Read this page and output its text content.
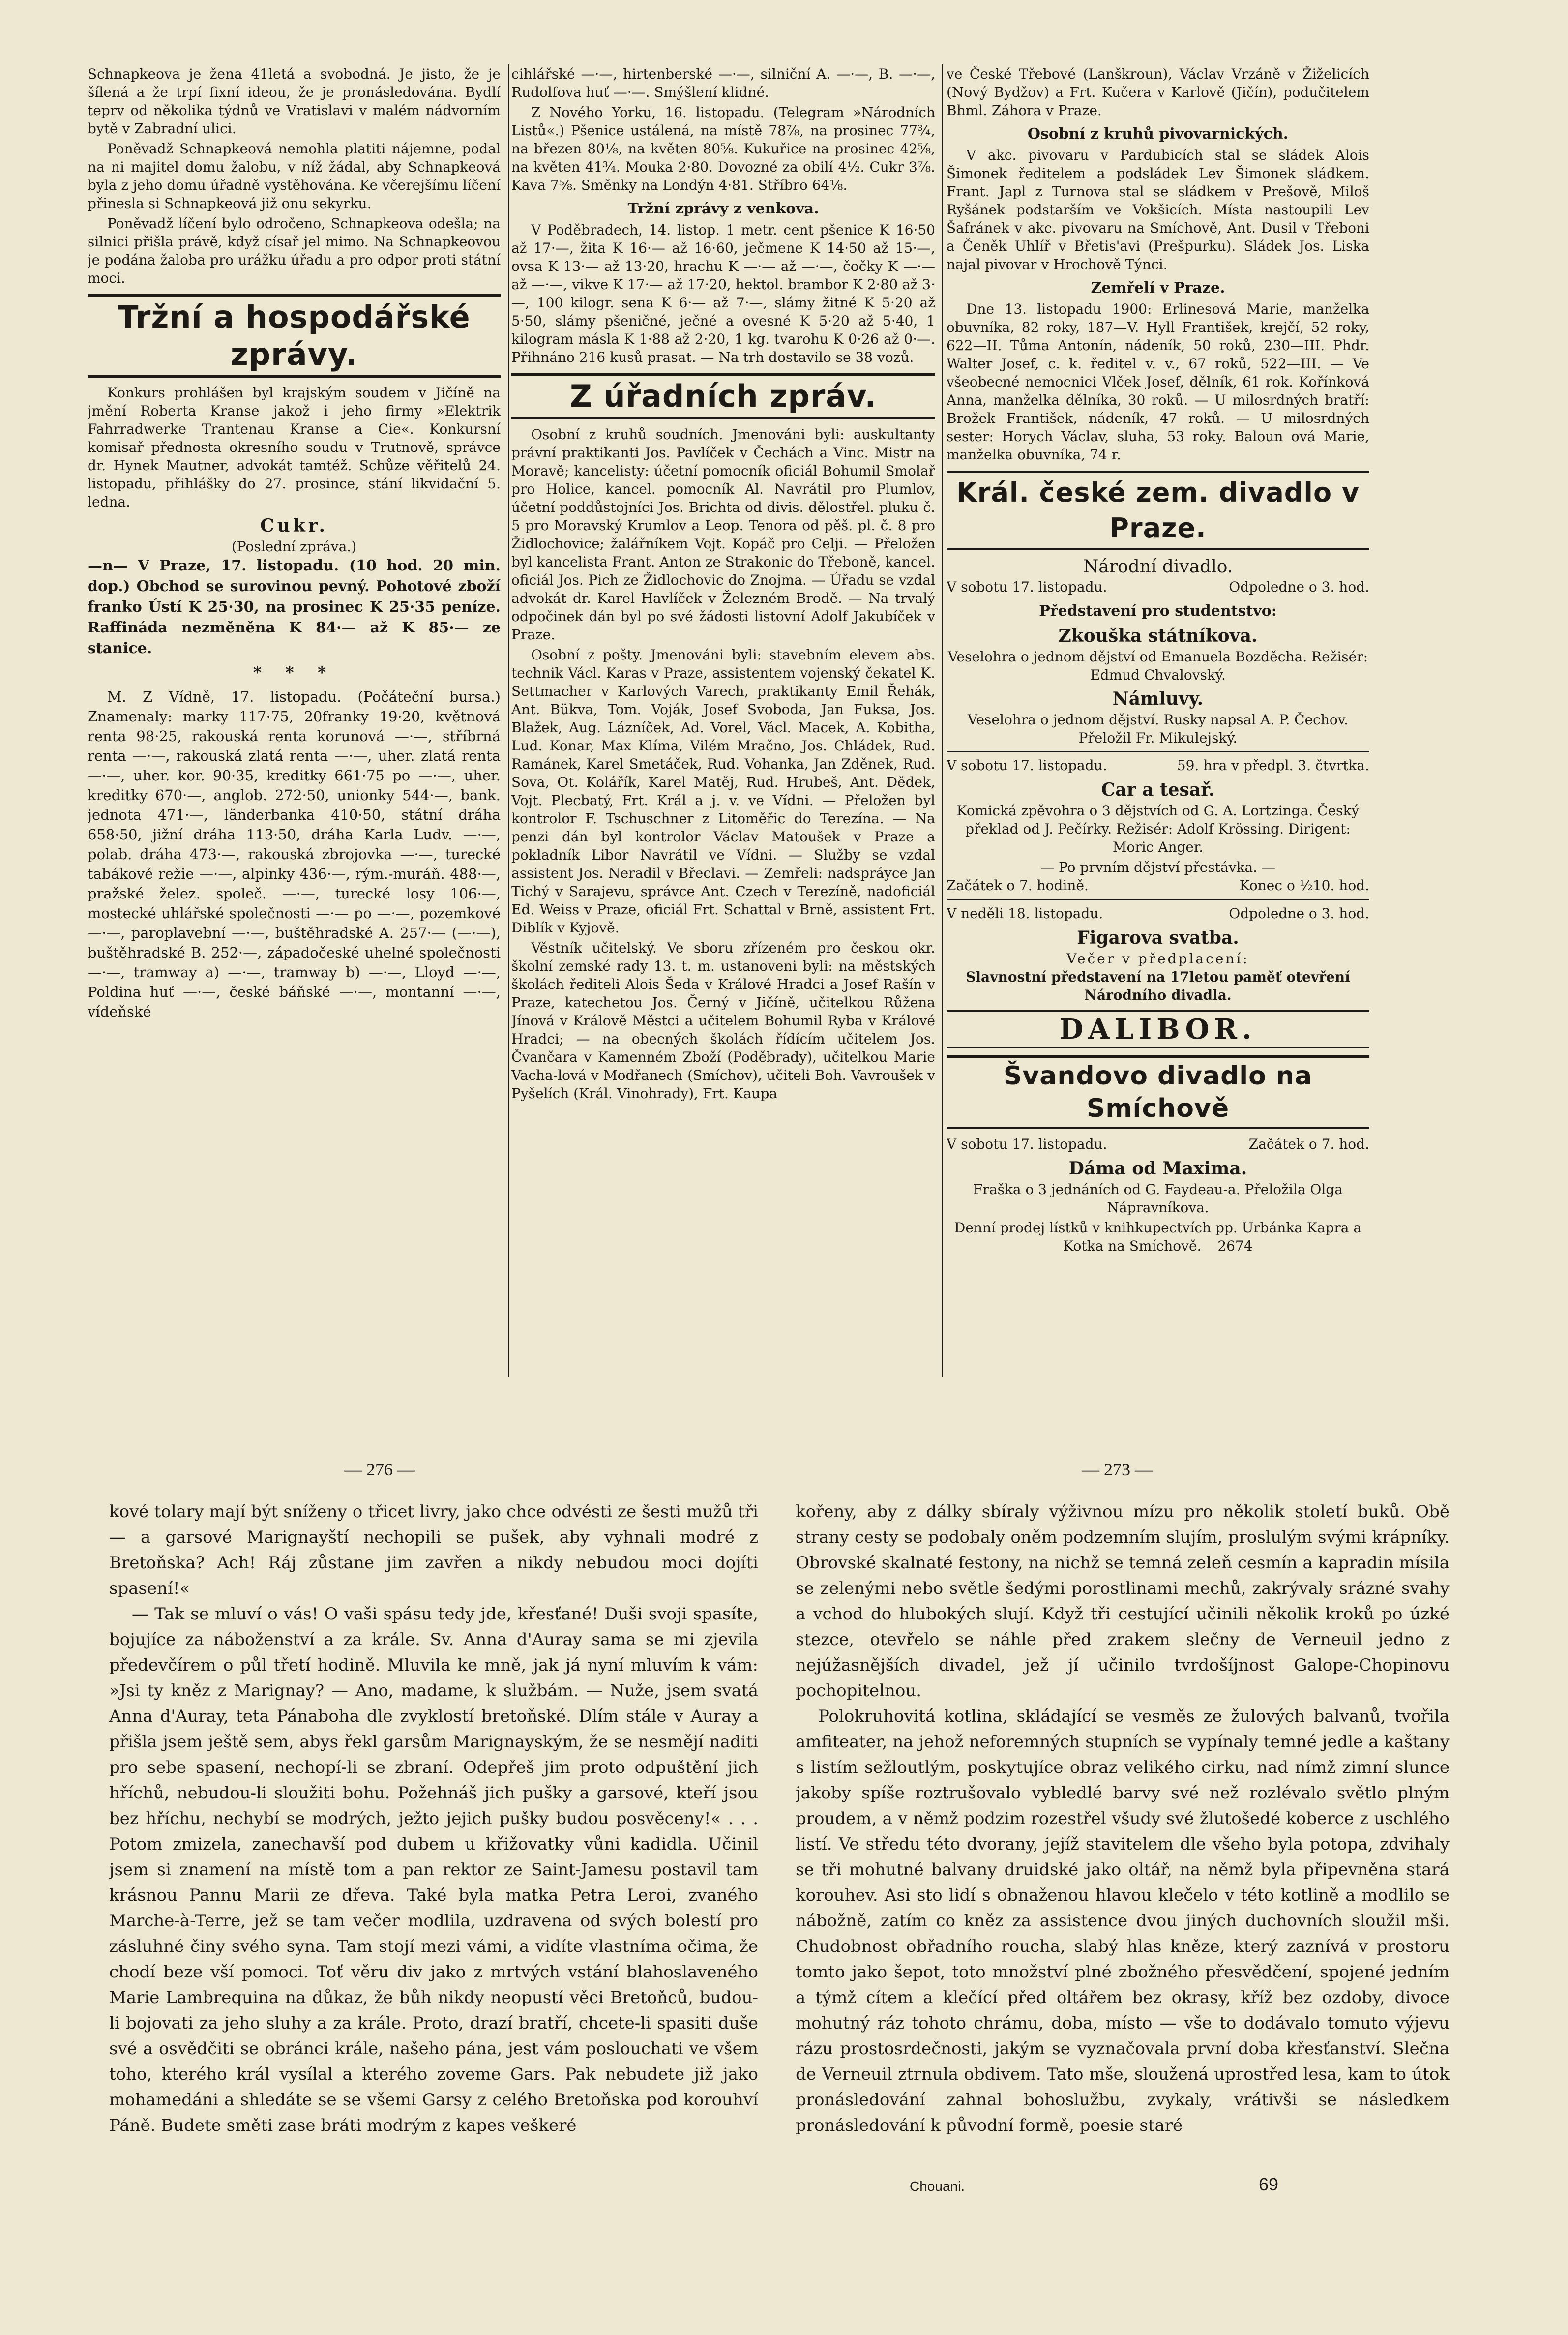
Schnapkeova je žena 41letá a svobodná. Je jisto, že je šílená a že trpí fixní ideou, že je pronásledována. Bydlí teprv od několika týdnů ve Vratislavi v malém nádvorním bytě v Zabradní ulici.

Poněvadž Schnapkeová nemohla platiti nájemne, podal na ni majitel domu žalobu, v níž žádal, aby Schnapkeová byla z jeho domu úřadně vystěhována. Ke včerejšímu líčení přinesla si Schnapkeová již onu sekyrku.

Poněvadž líčení bylo odročeno, Schnapkeova odešla; na silnici přišla právě, když císař jel mimo. Na Schnapkeovou je podána žaloba pro urážku úřadu a pro odpor proti státní moci.

Tržní a hospodářské zprávy.

Konkurs prohlášen byl krajským soudem v Jičíně na jmění Roberta Kranse jakož i jeho firmy »Elektrik Fahrradwerke Trantenau Kranse a Cie«. Konkursní komisař přednosta okresního soudu v Trutnově, správce dr. Hynek Mautner, advokát tamtéž. Schůze věřitelů 24. listopadu, přihlášky do 27. prosince, stání likvidační 5. ledna.

Cukr.
(Poslední zpráva.)

—n— V Praze, 17. listopadu. (10 hod. 20 min. dop.) Obchod se surovinou pevný. Pohotové zboží franko Ústí K 25·30, na prosinec K 25·35 peníze. Raffináda nezměněna K 84·— až K 85·— ze stanice.

* * *

M. Z Vídně, 17. listopadu. (Počáteční bursa.) Znamenaly: marky 117·75, 20franky 19·20, květnová renta 98·25, rakouská renta korunová —·—, stříbrná renta —·—, rakouská zlatá renta —·—, uher. zlatá renta —·—, uher. kor. 90·35, kreditky 661·75 po —·—, uher. kreditky 670·—, anglob. 272·50, unionky 544·—, bank. jednota 471·—, länderbanka 410·50, státní dráha 658·50, jižní dráha 113·50, dráha Karla Ludv. —·—, polab. dráha 473·—, rakouská zbrojovka —·—, turecké tabákové režie —·—, alpinky 436·—, rým.-muráň. 488·—, pražské želez. společ. —·—, turecké losy 106·—, mostecké uhlářské společnosti —·— po —·—, pozemkové —·—, paroplavební —·—, buštěhradské A. 257·— (—·—), buštěhradské B. 252·—, západočeské uhelné společnosti —·—, tramway a) —·—, tramway b) —·—, Lloyd —·—, Poldina huť —·—, české báňské —·—, montanní —·—, vídeňské

cihlářské —·—, hirtenberské —·—, silniční A. —·—, B. —·—, Rudolfova huť —·—. Smýšlení klidné.

Z Nového Yorku, 16. listopadu. (Telegram »Národních Listů«.) Pšenice ustálená, na místě 78⅞, na prosinec 77¾, na březen 80⅛, na květen 80⅝. Kukuřice na prosinec 42⅝, na květen 41¾. Mouka 2·80. Dovozné za obilí 4½. Cukr 3⅞. Kava 7⅝. Směnky na Londýn 4·81. Stříbro 64⅛.

Tržní zprávy z venkova.

V Poděbradech, 14. listop. 1 metr. cent pšenice K 16·50 až 17·—, žita K 16·— až 16·60, ječmene K 14·50 až 15·—, ovsa K 13·— až 13·20, hrachu K —·— až —·—, čočky K —·— až —·—, vikve K 17·— až 17·20, hektol. brambor K 2·80 až 3·—, 100 kilogr. sena K 6·— až 7·—, slámy žitné K 5·20 až 5·50, slámy pšeničné, ječné a ovesné K 5·20 až 5·40, 1 kilogram másla K 1·88 až 2·20, 1 kg. tvarohu K 0·26 až 0·—. Přihnáno 216 kusů prasat. — Na trh dostavilo se 38 vozů.

Z úřadních zpráv.

Osobní z kruhů soudních. Jmenováni byli: auskultanty právní praktikanti Jos. Pavlíček v Čechách a Vinc. Mistr na Moravě; kancelisty: účetní pomocník oficiál Bohumil Smolař pro Holice, kancel. pomocník Al. Navrátil pro Plumlov, účetní poddůstojníci Jos. Brichta od divis. dělostřel. pluku č. 5 pro Moravský Krumlov a Leop. Tenora od pěš. pl. č. 8 pro Židlochovice; žalářníkem Vojt. Kopáč pro Celji. — Přeložen byl kancelista Frant. Anton ze Strakonic do Třeboně, kancel. oficiál Jos. Pich ze Židlochovic do Znojma. — Úřadu se vzdal advokát dr. Karel Havlíček v Železném Brodě. — Na trvalý odpočinek dán byl po své žádosti listovní Adolf Jakubíček v Praze.

Osobní z pošty. Jmenováni byli: stavebním elevem abs. technik Václ. Karas v Praze, assistentem vojenský čekatel K. Settmacher v Karlových Varech, praktikanty Emil Řehák, Ant. Bükva, Tom. Voják, Josef Svoboda, Jan Fuksa, Jos. Blažek, Aug. Lázníček, Ad. Vorel, Václ. Macek, A. Kobitha, Lud. Konar, Max Klíma, Vilém Mračno, Jos. Chládek, Rud. Ramánek, Karel Smetáček, Rud. Vohanka, Jan Zděnek, Rud. Sova, Ot. Kolářík, Karel Matěj, Rud. Hrubeš, Ant. Dědek, Vojt. Plecbatý, Frt. Král a j. v. ve Vídni. — Přeložen byl kontrolor F. Tschuschner z Litoměřic do Terezína. — Na penzi dán byl kontrolor Václav Matoušek v Praze a pokladník Libor Navrátil ve Vídni. — Služby se vzdal assistent Jos. Neradil v Břeclavi. — Zemřeli: nadspráyce Jan Tichý v Sarajevu, správce Ant. Czech v Terezíně, nadoficiál Ed. Weiss v Praze, oficiál Frt. Schattal v Brně, assistent Frt. Diblík v Kyjově.

Věstník učitelský. Ve sboru zřízeném pro českou okr. školní zemské rady 13. t. m. ustanoveni byli: na městských školách řediteli Alois Šeda v Králové Hradci a Josef Rašín v Praze, katechetou Jos. Černý v Jičíně, učitelkou Růžena Jínová v Králově Městci a učitelem Bohumil Ryba v Králové Hradci; — na obecných školách řídícím učitelem Jos. Čvančara v Kamenném Zboží (Poděbrady), učitelkou Marie Vacha-lová v Modřanech (Smíchov), učiteli Boh. Vavroušek v Pyšelích (Král. Vinohrady), Frt. Kaupa

ve České Třebové (Lanškroun), Václav Vrzáně v Žiželicích (Nový Bydžov) a Frt. Kučera v Karlově (Jičín), podučitelem Bhml. Záhora v Praze.

Osobní z kruhů pivovarnických.

V akc. pivovaru v Pardubicích stal se sládek Alois Šimonek ředitelem a podsládek Lev Šimonek sládkem. Frant. Japl z Turnova stal se sládkem v Prešově, Miloš Ryšánek podstarším ve Vokšicích. Místa nastoupili Lev Šafránek v akc. pivovaru na Smíchově, Ant. Dusil v Třeboni a Čeněk Uhlíř v Břetis'avi (Prešpurku). Sládek Jos. Liska najal pivovar v Hrochově Týnci.

Zemřelí v Praze.

Dne 13. listopadu 1900: Erlinesová Marie, manželka obuvníka, 82 roky, 187—V. Hyll František, krejčí, 52 roky, 622—II. Tůma Antonín, nádeník, 50 roků, 230—III. Phdr. Walter Josef, c. k. ředitel v. v., 67 roků, 522—III. — Ve všeobecné nemocnici Vlček Josef, dělník, 61 rok. Kořínková Anna, manželka dělníka, 30 roků. — U milosrdných bratří: Brožek František, nádeník, 47 roků. — U milosrdných sester: Horych Václav, sluha, 53 roky. Baloun ová Marie, manželka obuvníka, 74 r.

Král. české zem. divadlo v Praze.
Národní divadlo.
V sobotu 17. listopadu.	Odpoledne o 3. hod.
Představení pro studentstvo:
Zkouška státníkova.

Veselohra o jednom dějství od Emanuela Bozděcha. Režisér: Edmud Chvalovský.

Námluvy.

Veselohra o jednom dějství. Rusky napsal A. P. Čechov. Přeložil Fr. Mikulejský.

V sobotu 17. listopadu.	59. hra v předpl. 3. čtvrtka.
Car a tesař.

Komická zpěvohra o 3 dějstvích od G. A. Lortzinga. Český překlad od J. Pečírky. Režisér: Adolf Krössing. Dirigent: Moric Anger.

— Po prvním dějství přestávka. —
Začátek o 7. hodině.	Konec o ½10. hod.
V neděli 18. listopadu.	Odpoledne o 3. hod.
Figarova svatba.
Večer v předplacení:

Slavnostní představení na 17letou paměť otevření Národního divadla.

DALIBOR.
Švandovo divadlo na Smíchově
V sobotu 17. listopadu.	Začátek o 7. hod.
Dáma od Maxima.

Fraška o 3 jednáních od G. Faydeau-a. Přeložila Olga Nápravníkova.

Denní prodej lístků v knihkupectvích pp. Urbánka Kapra a Kotka na Smíchově. 2674

— 276 —	— 273 —

kové tolary mají být sníženy o třicet livry, jako chce odvésti ze šesti mužů tři — a garsové Marignayští nechopili se pušek, aby vyhnali modré z Bretoňska? Ach! Ráj zůstane jim zavřen a nikdy nebudou moci dojíti spasení!«

— Tak se mluví o vás! O vaši spásu tedy jde, křesťané! Duši svoji spasíte, bojujíce za náboženství a za krále. Sv. Anna d'Auray sama se mi zjevila předevčírem o půl třetí hodině. Mluvila ke mně, jak já nyní mluvím k vám: »Jsi ty kněz z Marignay? — Ano, madame, k službám. — Nuže, jsem svatá Anna d'Auray, teta Pánaboha dle zvyklostí bretoňské. Dlím stále v Auray a přišla jsem ještě sem, abys řekl garsům Marignayským, že se nesmějí naditi pro sebe spasení, nechopí-li se zbraní. Odepřeš jim proto odpuštění jich hříchů, nebudou-li sloužiti bohu. Požehnáš jich pušky a garsové, kteří jsou bez hříchu, nechybí se modrých, ježto jejich pušky budou posvěceny!« . . . Potom zmizela, zanechavší pod dubem u křižovatky vůni kadidla. Učinil jsem si znamení na místě tom a pan rektor ze Saint-Jamesu postavil tam krásnou Pannu Marii ze dřeva. Také byla matka Petra Leroi, zvaného Marche-à-Terre, jež se tam večer modlila, uzdravena od svých bolestí pro zásluhné činy svého syna. Tam stojí mezi vámi, a vidíte vlastníma očima, že chodí beze vší pomoci. Toť věru div jako z mrtvých vstání blahoslaveného Marie Lambrequina na důkaz, že bůh nikdy neopustí věci Bretoňců, budou-li bojovati za jeho sluhy a za krále. Proto, drazí bratří, chcete-li spasiti duše své a osvědčiti se obránci krále, našeho pána, jest vám poslouchati ve všem toho, kterého král vysílal a kterého zoveme Gars. Pak nebudete již jako mohamedáni a shledáte se se všemi Garsy z celého Bretoňska pod korouhví Páně. Budete směti zase bráti modrým z kapes veškeré

kořeny, aby z dálky sbíraly výživnou mízu pro několik století buků. Obě strany cesty se podobaly oněm podzemním slujím, proslulým svými krápníky. Obrovské skalnaté festony, na nichž se temná zeleň cesmín a kapradin mísila se zelenými nebo světle šedými porostlinami mechů, zakrývaly srázné svahy a vchod do hlubokých slují. Když tři cestující učinili několik kroků po úzké stezce, otevřelo se náhle před zrakem slečny de Verneuil jedno z nejúžasnějších divadel, jež jí učinilo tvrdošíjnost Galope-Chopinovu pochopitelnou.

Polokruhovitá kotlina, skládající se vesměs ze žulových balvanů, tvořila amfiteater, na jehož neforemných stupních se vypínaly temné jedle a kaštany s listím sežloutlým, poskytujíce obraz velikého cirku, nad nímž zimní slunce jakoby spíše roztrušovalo vybledlé barvy své než rozlévalo světlo plným proudem, a v němž podzim rozestřel všudy své žlutošedé koberce z uschlého listí. Ve středu této dvorany, jejíž stavitelem dle všeho byla potopa, zdvihaly se tři mohutné balvany druidské jako oltář, na němž byla připevněna stará korouhev. Asi sto lidí s obnaženou hlavou klečelo v této kotlině a modlilo se nábožně, zatím co kněz za assistence dvou jiných duchovních sloužil mši. Chudobnost obřadního roucha, slabý hlas kněze, který zaznívá v prostoru tomto jako šepot, toto množství plné zbožného přesvědčení, spojené jedním a týmž cítem a klečící před oltářem bez okrasy, kříž bez ozdoby, divoce mohutný ráz tohoto chrámu, doba, místo — vše to dodávalo tomuto výjevu rázu prostosrdečnosti, jakým se vyznačovala první doba křesťanství. Slečna de Verneuil ztrnula obdivem. Tato mše, sloužená uprostřed lesa, kam to útok pronásledování zahnal bohoslužbu, zvykaly, vrátivši se následkem pronásledování k původní formě, poesie staré

Chouani.	69
